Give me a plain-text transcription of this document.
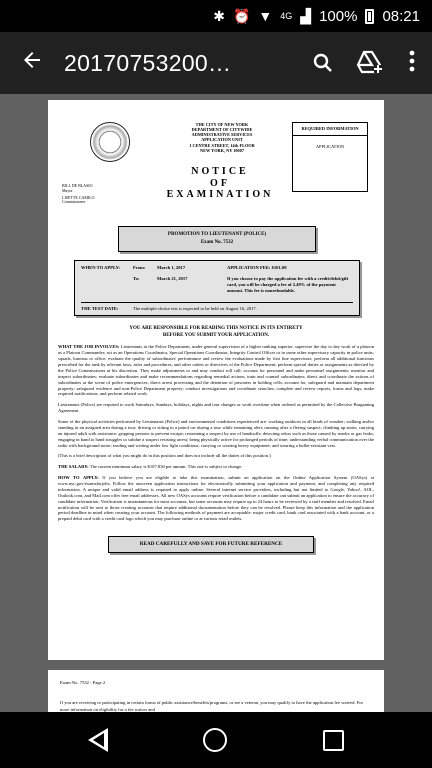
✱ ⏰ ▼ 4G ▟ 100% 08:21
20170753200…
BILL DE BLASIO
Mayor
LISETTE CAMILO
Commissioner
THE CITY OF NEW YORK
DEPARTMENT OF CITYWIDE
ADMINISTRATIVE SERVICES
APPLICATION UNIT
1 CENTRE STREET, 14th FLOOR
NEW YORK, NY 10007
NOTICE
OF
EXAMINATION
REQUIRED INFORMATION
APPLICATION
PROMOTION TO LIEUTENANT (POLICE)
Exam No. 7532
WHEN TO APPLY:	From:	March 1, 2017	APPLICATION FEE: $101.00
To:	March 21, 2017	If you choose to pay the application fee with a credit/debit/gift card, you will be charged a fee of 2.49% of the payment amount. This fee is nonrefundable.
THE TEST DATE:	The multiple-choice test is expected to be held on August 16, 2017.
YOU ARE RESPONSIBLE FOR READING THIS NOTICE IN ITS ENTIRETY
BEFORE YOU SUBMIT YOUR APPLICATION.
WHAT THE JOB INVOLVES: Lieutenants in the Police Department, under general supervision of a higher ranking superior, supervise the day to day work of a platoon as a Platoon Commander; act as an Operations Coordinator, Special Operations Coordinator, Integrity Control Officer or in some other supervisory capacity in police units, squads, bureaus or office; evaluate the quality of subordinates' performance and review the evaluations made by first line supervisors; perform all additional functions prescribed for the rank by relevant laws, rules and procedures, and other orders or directives of the Police Department; perform special duties or assignments as directed by the Police Commissioner at his discretion. They make adjustments to and may conduct roll call; account for personnel and make personnel assignments; monitor and inspect subordinates; evaluate subordinates and make recommendations regarding remedial actions; train and counsel subordinates; direct and coordinate the actions of subordinates at the scene of police emergencies; direct arrest processing and the detention of prisoners in holding cells; account for, safeguard and maintain department property; safeguard evidence and non-Police Department property; conduct investigations and coordinate searches; complete and review reports, forms and logs; make required notifications; and perform related work.
Lieutenants (Police) are required to work Saturdays, Sundays, holidays, nights and tour changes or work overtime when ordered as permitted by the Collective Bargaining Agreement.
Some of the physical activities performed by Lieutenants (Police) and environmental conditions experienced are: working outdoors in all kinds of weather; walking and/or standing in an assigned area during a tour; driving or sitting in a patrol car during a tour while remaining alert; running after a fleeing suspect; climbing up stairs; carrying an injured adult with assistance; gripping persons to prevent escape; restraining a suspect by use of handcuffs; detecting odors such as those caused by smoke or gas leaks; engaging in hand to hand struggles to subdue a suspect resisting arrest; being physically active for prolonged periods of time; understanding verbal communication over the radio with background noise; reading and writing under low light conditions; carrying or wearing heavy equipment; and wearing a bullet-resistant vest.
(This is a brief description of what you might do in this position and does not include all the duties of this position.)
THE SALARY: The current minimum salary is $107,830 per annum. This rate is subject to change.
HOW TO APPLY: If you believe you are eligible to take this examination, submit an application on the Online Application System (OASys) at www.nyc.gov/examsforjobs. Follow the onscreen application instructions for electronically submitting your application and payment, and completing any required information. A unique and valid email address is required to apply online. Several internet service providers, including but not limited to Google, Yahoo!, AOL, Outlook.com, and Mail.com offer free email addresses. All new OASys accounts require verification before a candidate can submit an application to ensure the accuracy of candidate information. Verification is instantaneous for most accounts, but some accounts may require up to 24 hours to be reviewed by a staff member and resolved. Email notification will be sent to those creating accounts that require additional documentation before they can be resolved. Please keep this information and the application period deadline in mind when creating your account. The following methods of payment are acceptable: major credit card, bank card associated with a bank account, or a prepaid debit card with a credit card logo which you may purchase online or at various retail outlets.
READ CAREFULLY AND SAVE FOR FUTURE REFERENCE
Exam No. 7532 - Page 2
If you are receiving or participating in certain forms of public assistance/benefits/programs, or are a veteran, you may qualify to have the application fee waived. For more information on eligibility for a fee waiver and
